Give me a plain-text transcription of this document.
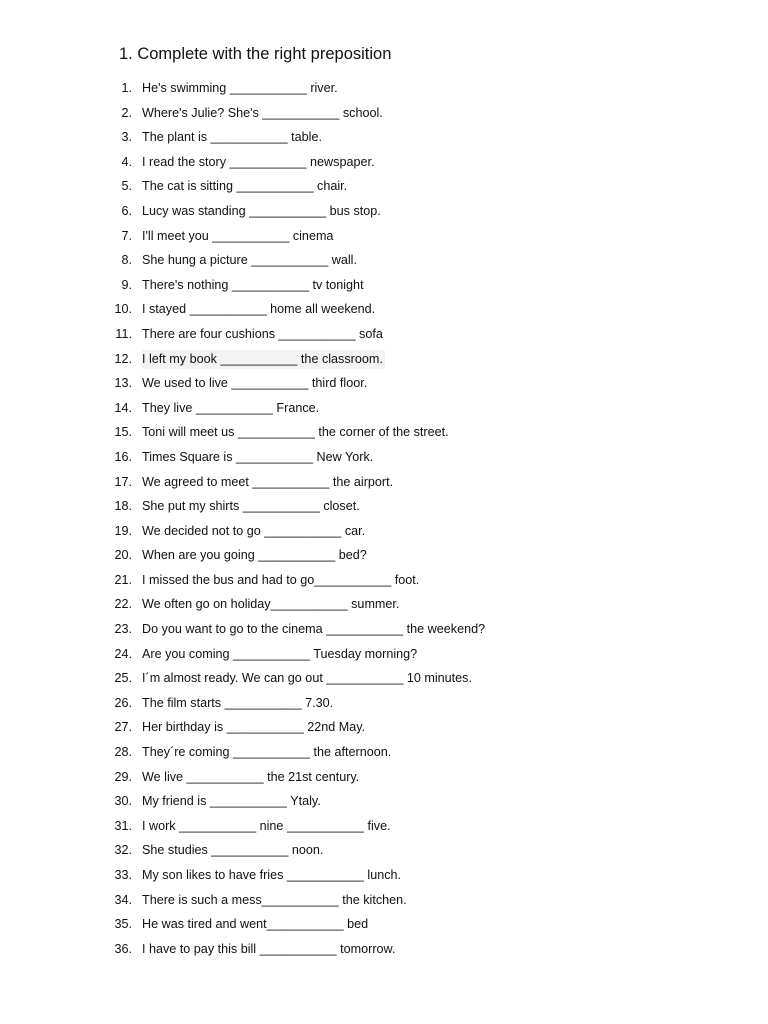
1. Complete with the right preposition
1. He's swimming ___________ river.
2. Where's Julie? She's ___________ school.
3. The plant is ___________ table.
4. I read the story ___________ newspaper.
5. The cat is sitting ___________ chair.
6. Lucy was standing ___________ bus stop.
7. I'll meet you ___________ cinema
8. She hung a picture ___________ wall.
9. There's nothing ___________ tv tonight
10. I stayed ___________ home all weekend.
11. There are four cushions ___________ sofa
12. I left my book ___________ the classroom.
13. We used to live ___________ third floor.
14. They live ___________ France.
15. Toni will meet us ___________ the corner of the street.
16. Times Square is ___________ New York.
17. We agreed to meet ___________ the airport.
18. She put my shirts ___________ closet.
19. We decided not to go ___________ car.
20. When are you going ___________ bed?
21. I missed the bus and had to go___________ foot.
22. We often go on holiday___________ summer.
23. Do you want to go to the cinema ___________ the weekend?
24. Are you coming ___________ Tuesday morning?
25. I´m almost ready. We can go out ___________ 10 minutes.
26. The film starts ___________ 7.30.
27. Her birthday is ___________ 22nd May.
28. They´re coming ___________ the afternoon.
29. We live ___________ the 21st century.
30. My friend is ___________ Ytaly.
31. I work ___________ nine ___________ five.
32. She studies ___________ noon.
33. My son likes to have fries ___________ lunch.
34. There is such a mess___________ the kitchen.
35. He was tired and went___________ bed
36. I have to pay this bill ___________ tomorrow.
